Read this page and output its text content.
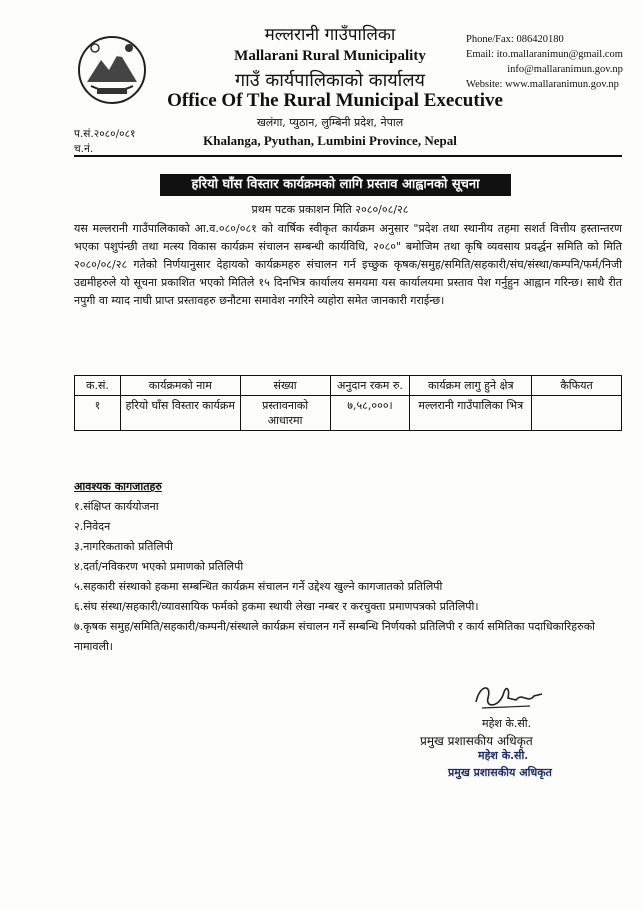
मल्लरानी गाउँपालिका
Mallarani Rural Municipality
गाउँ कार्यपालिकाको कार्यालय
Office Of The Rural Municipal Executive
खलंगा, प्युठान, लुम्बिनी प्रदेश, नेपाल
Khalanga, Pyuthan, Lumbini Province, Nepal
Phone/Fax: 086420180
Email: ito.mallaranimun@gmail.com
info@mallaranimun.gov.np
Website: www.mallaranimun.gov.np
प.सं.२०८०/०८१
च.नं.
हरियो घाँस विस्तार कार्यक्रमको लागि प्रस्ताव आह्वानको सूचना
प्रथम पटक प्रकाशन मिति २०८०/०८/२८
यस मल्लरानी गाउँपालिकाको आ.व.०८०/०८१ को वार्षिक स्वीकृत कार्यक्रम अनुसार "प्रदेश तथा स्थानीय तहमा सशर्त वित्तीय हस्तान्तरण भएका पशुपंन्छी तथा मत्स्य विकास कार्यक्रम संचालन सम्बन्धी कार्यविधि, २०८०" बमोजिम तथा कृषि व्यवसाय प्रवर्द्धन समिति को मिति २०८०/०८/२८ गतेको निर्णयानुसार देहायको कार्यक्रमहरु संचालन गर्न इच्छुक कृषक/समुह/समिति/सहकारी/संघ/संस्था/कम्पनि/फर्म/निजी उद्यमीहरुले यो सूचना प्रकाशित भएको मितिले १५ दिनभित्र कार्यालय समयमा यस कार्यालयमा प्रस्ताव पेश गर्नुहुन आह्वान गरिन्छ। साथै रीत नपुगी वा म्याद नाघी प्राप्त प्रस्तावहरु छनौटमा समावेश नगरिने व्यहोरा समेत जानकारी गराईन्छ।
क.सं.	कार्यक्रमको नाम	संख्या	अनुदान रकम रु.	कार्यक्रम लागु हुने क्षेत्र	कैफियत
१	हरियो घाँस विस्तार कार्यक्रम	प्रस्तावनाको आधारमा	७,५८,०००।	मल्लरानी गाउँपालिका भित्र	
आवश्यक कागजातहरु
१.संक्षिप्त कार्ययोजना
२.निवेदन
३.नागरिकताको प्रतिलिपी
४.दर्ता/नविकरण भएको प्रमाणको प्रतिलिपी
५.सहकारी संस्थाको हकमा सम्बन्धित कार्यक्रम संचालन गर्ने उद्देश्य खुल्ने कागजातको प्रतिलिपी
६.संघ संस्था/सहकारी/व्यावसायिक फर्मको हकमा स्थायी लेखा नम्बर र करचुक्ता प्रमाणपत्रको प्रतिलिपी।
७.कृषक समुह/समिति/सहकारी/कम्पनी/संस्थाले कार्यक्रम संचालन गर्ने सम्बन्धि निर्णयको प्रतिलिपी र कार्य समितिका पदाधिकारिहरुको नामावली।
महेश के.सी.
प्रमुख प्रशासकीय अधिकृत
महेश के.सी.
प्रमुख प्रशासकीय अधिकृत
